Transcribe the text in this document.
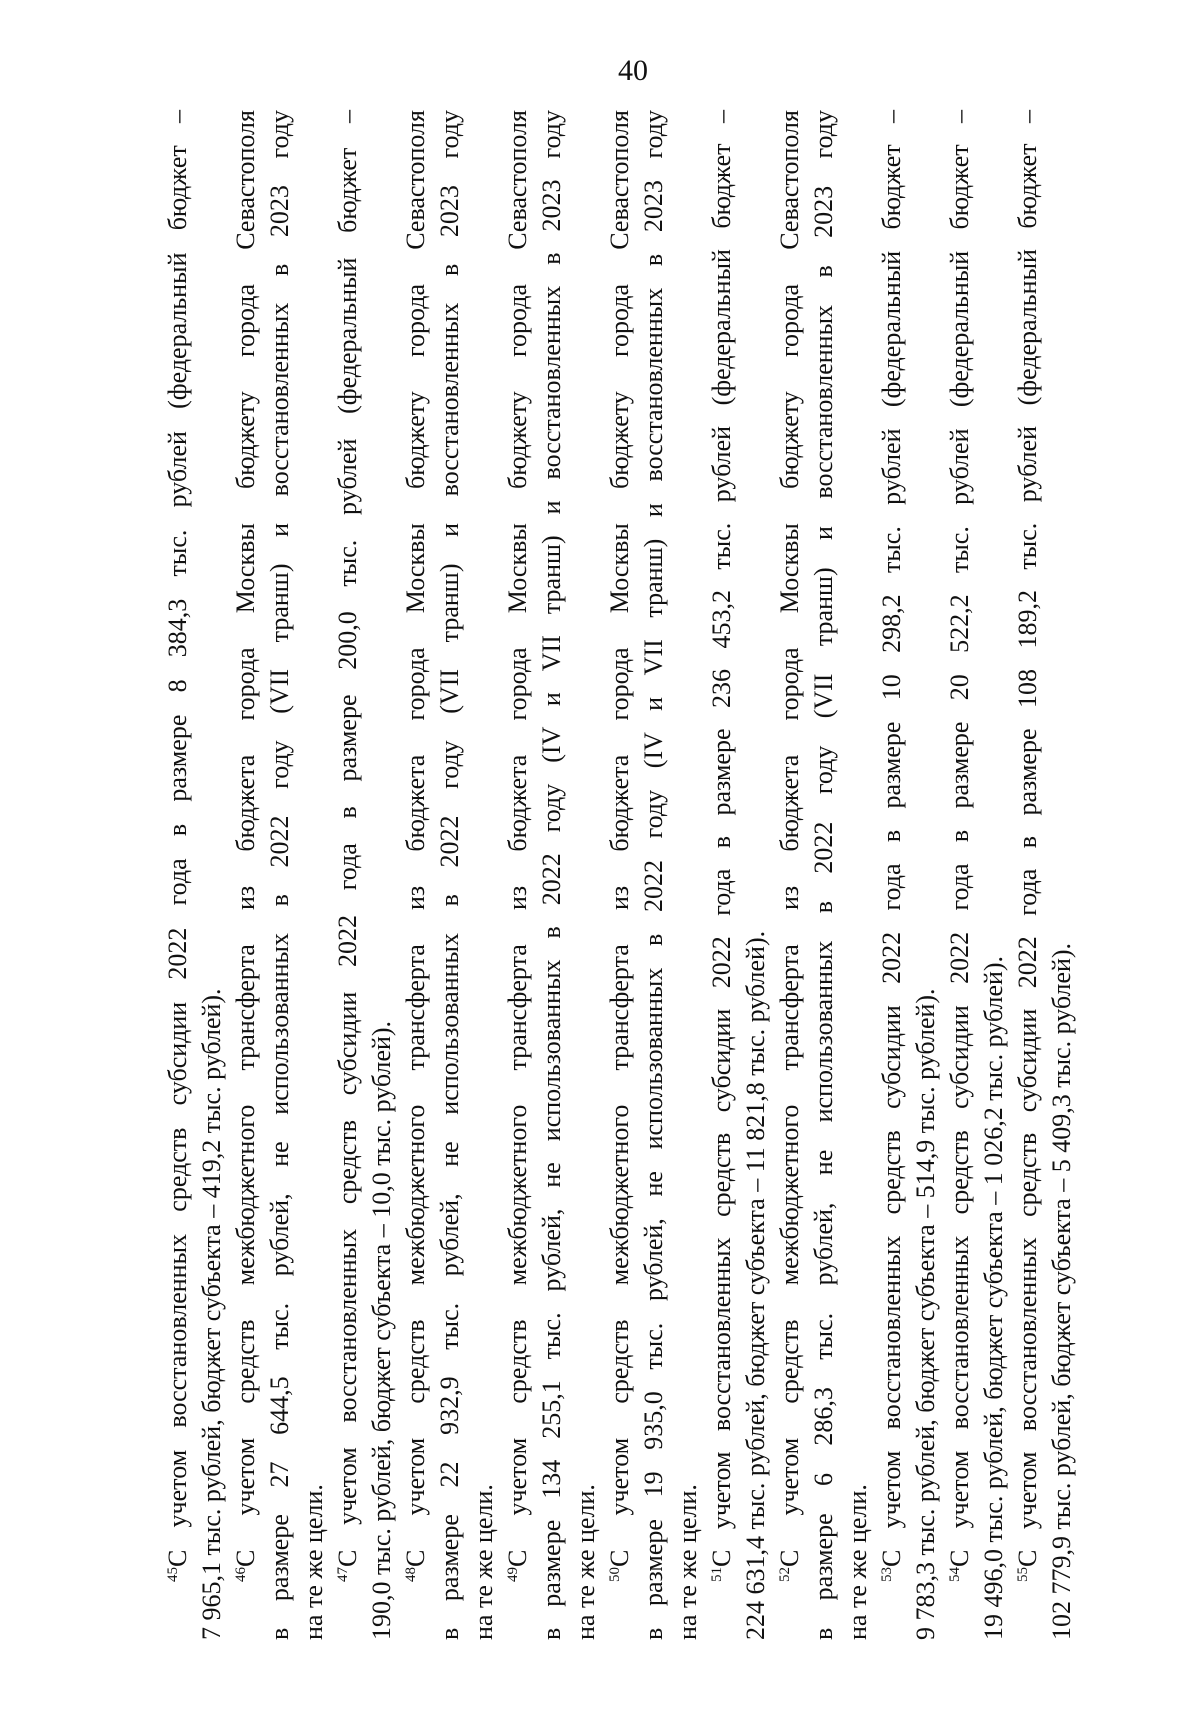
40
$^{45}$С учетом восстановленных средств субсидии 2022 года в размере 8 384,3 тыс. рублей (федеральный бюджет – 7 965,1 тыс. рублей, бюджет субъекта – 419,2 тыс. рублей). $^{46}$С учетом средств межбюджетного трансферта из бюджета города Москвы бюджету города Севастополя в размере 27 644,5 тыс. рублей, не использованных в 2022 году (VII транш) и восстановленных в 2023 году на те же цели. $^{47}$С учетом восстановленных средств субсидии 2022 года в размере 200,0 тыс. рублей (федеральный бюджет – 190,0 тыс. рублей, бюджет субъекта – 10,0 тыс. рублей). $^{48}$С учетом средств межбюджетного трансферта из бюджета города Москвы бюджету города Севастополя в размере 22 932,9 тыс. рублей, не использованных в 2022 году (VII транш) и восстановленных в 2023 году на те же цели. $^{49}$С учетом средств межбюджетного трансферта из бюджета города Москвы бюджету города Севастополя в размере 134 255,1 тыс. рублей, не использованных в 2022 году (IV и VII транш) и восстановленных в 2023 году на те же цели. $^{50}$С учетом средств межбюджетного трансферта из бюджета города Москвы бюджету города Севастополя в размере 19 935,0 тыс. рублей, не использованных в 2022 году (IV и VII транш) и восстановленных в 2023 году на те же цели. $^{51}$С учетом восстановленных средств субсидии 2022 года в размере 236 453,2 тыс. рублей (федеральный бюджет – 224 631,4 тыс. рублей, бюджет субъекта – 11 821,8 тыс. рублей). $^{52}$С учетом средств межбюджетного трансферта из бюджета города Москвы бюджету города Севастополя в размере 6 286,3 тыс. рублей, не использованных в 2022 году (VII транш) и восстановленных в 2023 году на те же цели. $^{53}$С учетом восстановленных средств субсидии 2022 года в размере 10 298,2 тыс. рублей (федеральный бюджет – 9 783,3 тыс. рублей, бюджет субъекта – 514,9 тыс. рублей). $^{54}$С учетом восстановленных средств субсидии 2022 года в размере 20 522,2 тыс. рублей (федеральный бюджет – 19 496,0 тыс. рублей, бюджет субъекта – 1 026,2 тыс. рублей). $^{55}$С учетом восстановленных средств субсидии 2022 года в размере 108 189,2 тыс. рублей (федеральный бюджет – 102 779,9 тыс. рублей, бюджет субъекта – 5 409,3 тыс. рублей).
